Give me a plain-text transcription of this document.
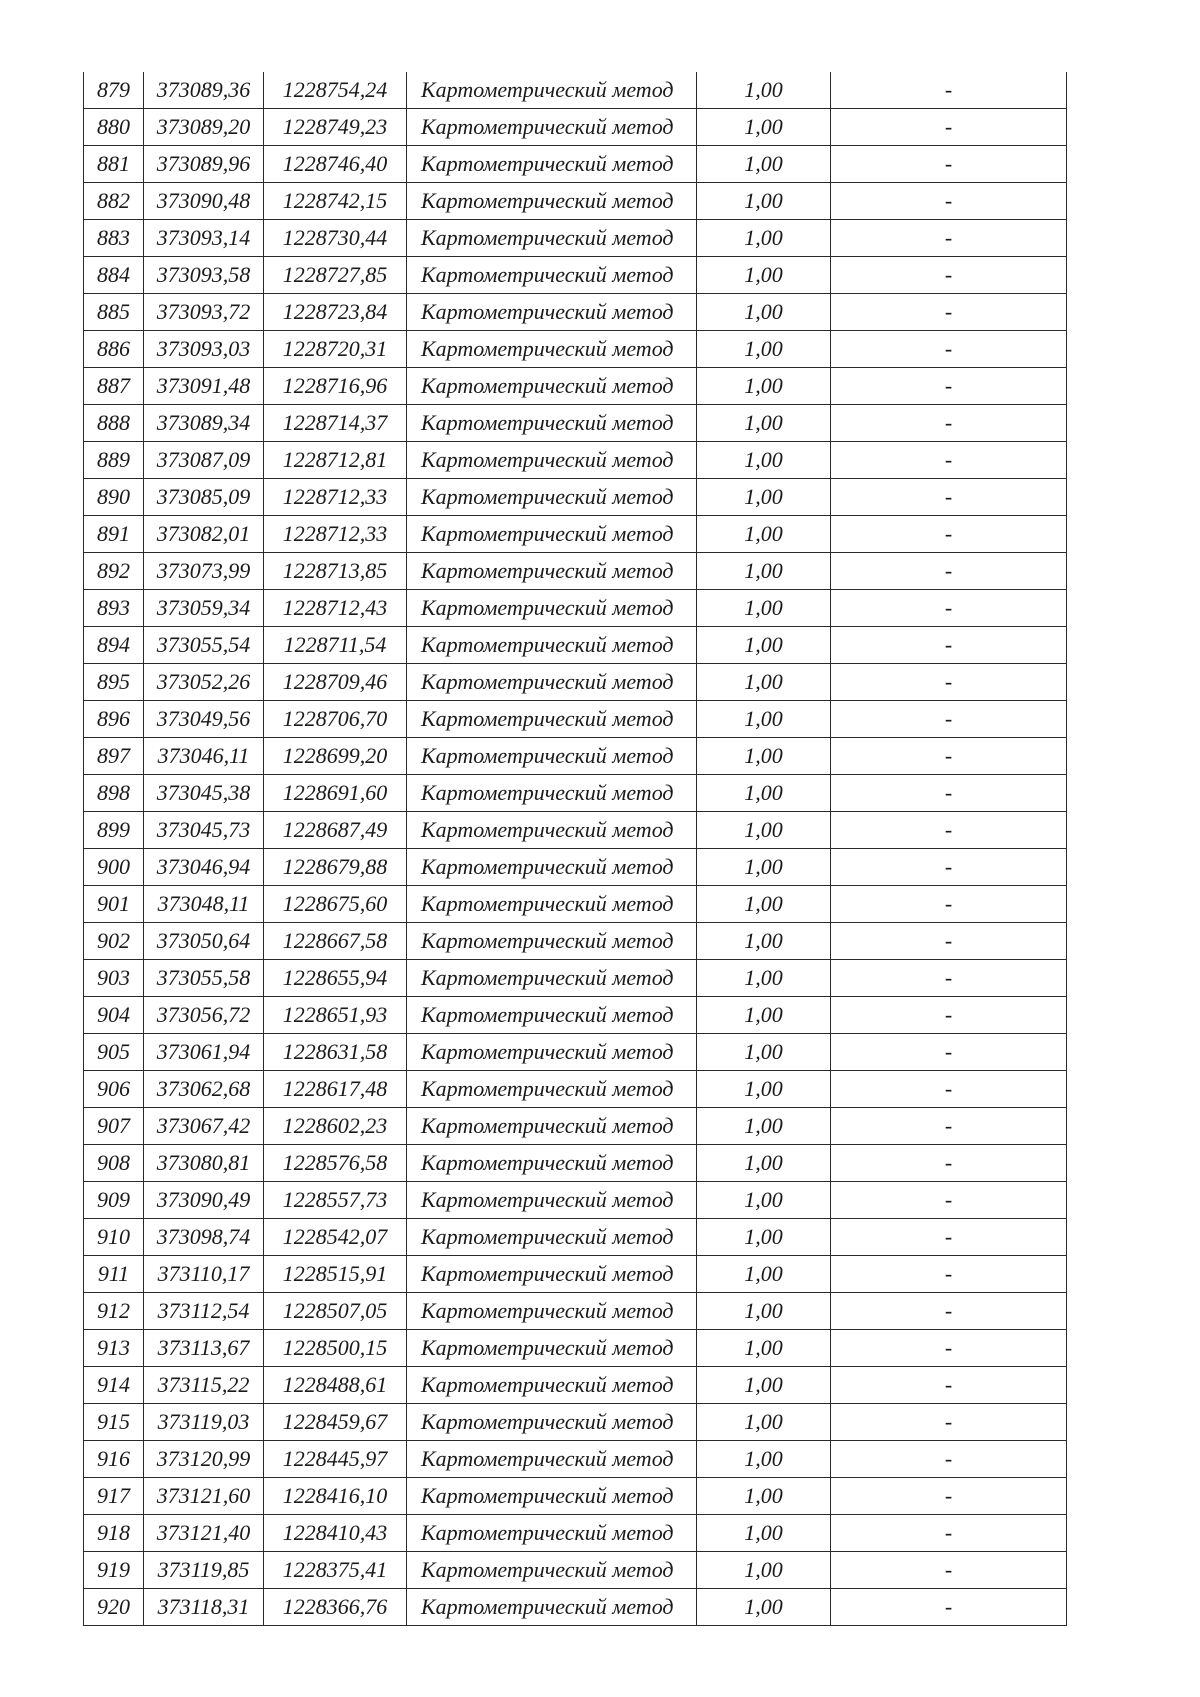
879	373089,36	1228754,24	Картометрический метод	1,00	-
880	373089,20	1228749,23	Картометрический метод	1,00	-
881	373089,96	1228746,40	Картометрический метод	1,00	-
882	373090,48	1228742,15	Картометрический метод	1,00	-
883	373093,14	1228730,44	Картометрический метод	1,00	-
884	373093,58	1228727,85	Картометрический метод	1,00	-
885	373093,72	1228723,84	Картометрический метод	1,00	-
886	373093,03	1228720,31	Картометрический метод	1,00	-
887	373091,48	1228716,96	Картометрический метод	1,00	-
888	373089,34	1228714,37	Картометрический метод	1,00	-
889	373087,09	1228712,81	Картометрический метод	1,00	-
890	373085,09	1228712,33	Картометрический метод	1,00	-
891	373082,01	1228712,33	Картометрический метод	1,00	-
892	373073,99	1228713,85	Картометрический метод	1,00	-
893	373059,34	1228712,43	Картометрический метод	1,00	-
894	373055,54	1228711,54	Картометрический метод	1,00	-
895	373052,26	1228709,46	Картометрический метод	1,00	-
896	373049,56	1228706,70	Картометрический метод	1,00	-
897	373046,11	1228699,20	Картометрический метод	1,00	-
898	373045,38	1228691,60	Картометрический метод	1,00	-
899	373045,73	1228687,49	Картометрический метод	1,00	-
900	373046,94	1228679,88	Картометрический метод	1,00	-
901	373048,11	1228675,60	Картометрический метод	1,00	-
902	373050,64	1228667,58	Картометрический метод	1,00	-
903	373055,58	1228655,94	Картометрический метод	1,00	-
904	373056,72	1228651,93	Картометрический метод	1,00	-
905	373061,94	1228631,58	Картометрический метод	1,00	-
906	373062,68	1228617,48	Картометрический метод	1,00	-
907	373067,42	1228602,23	Картометрический метод	1,00	-
908	373080,81	1228576,58	Картометрический метод	1,00	-
909	373090,49	1228557,73	Картометрический метод	1,00	-
910	373098,74	1228542,07	Картометрический метод	1,00	-
911	373110,17	1228515,91	Картометрический метод	1,00	-
912	373112,54	1228507,05	Картометрический метод	1,00	-
913	373113,67	1228500,15	Картометрический метод	1,00	-
914	373115,22	1228488,61	Картометрический метод	1,00	-
915	373119,03	1228459,67	Картометрический метод	1,00	-
916	373120,99	1228445,97	Картометрический метод	1,00	-
917	373121,60	1228416,10	Картометрический метод	1,00	-
918	373121,40	1228410,43	Картометрический метод	1,00	-
919	373119,85	1228375,41	Картометрический метод	1,00	-
920	373118,31	1228366,76	Картометрический метод	1,00	-
